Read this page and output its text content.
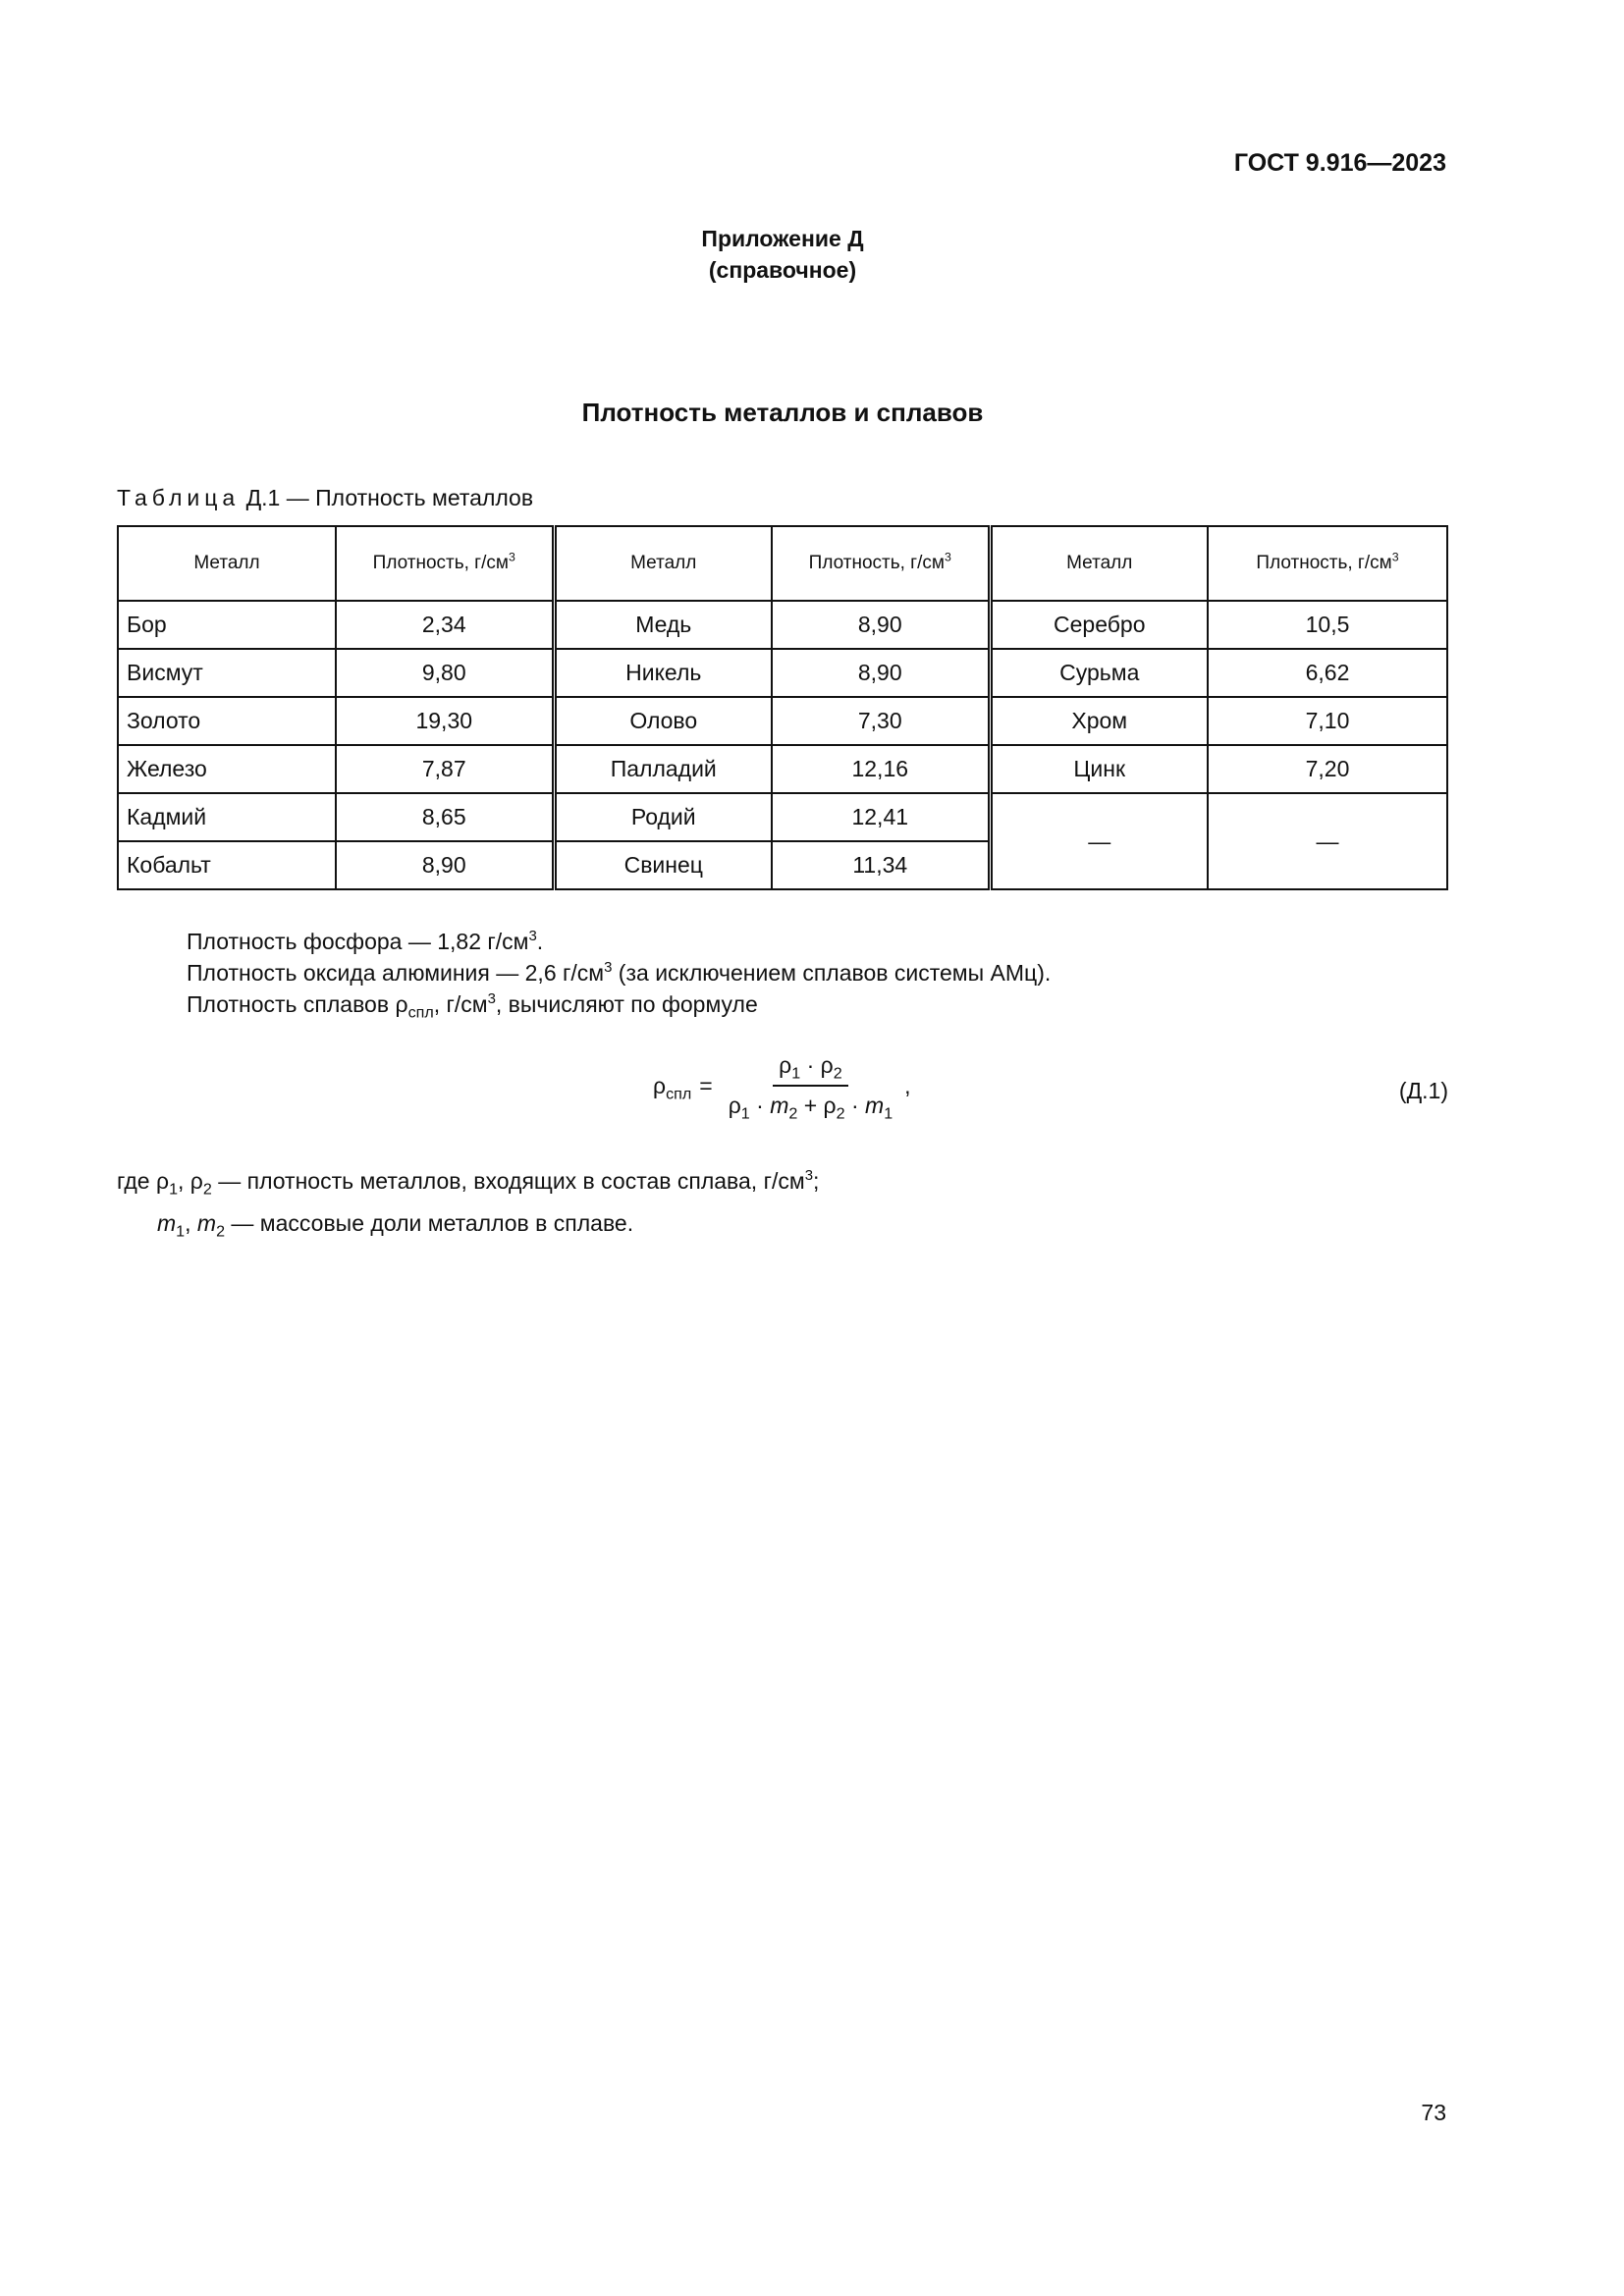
ГОСТ 9.916—2023
Приложение Д
(справочное)
Плотность металлов и сплавов
Таблица Д.1 — Плотность металлов
Металл	Плотность, $г/см^3$	Металл	Плотность, $г/см^3$	Металл	Плотность, $г/см^3$
Бор	2,34	Медь	8,90	Серебро	10,5
Висмут	9,80	Никель	8,90	Сурьма	6,62
Золото	19,30	Олово	7,30	Хром	7,10
Железо	7,87	Палладий	12,16	Цинк	7,20
Кадмий	8,65	Родий	12,41	—	—
Кобальт	8,90	Свинец	11,34		
Плотность фосфора — 1,82 $г/см^3$.
Плотность оксида алюминия — 2,6 $г/см^3$ (за исключением сплавов системы АМц).
Плотность сплавов $\rho_{спл}$, $г/см^3$, вычисляют по формуле
$\rho_{спл} = \frac{\rho_1 \cdot \rho_2}{\rho_1 \cdot m_2 + \rho_2 \cdot m_1}$ ,	(Д.1)
где $\rho_1$, $\rho_2$ — плотность металлов, входящих в состав сплава, $г/см^3$;
$m_1$, $m_2$ — массовые доли металлов в сплаве.
73
